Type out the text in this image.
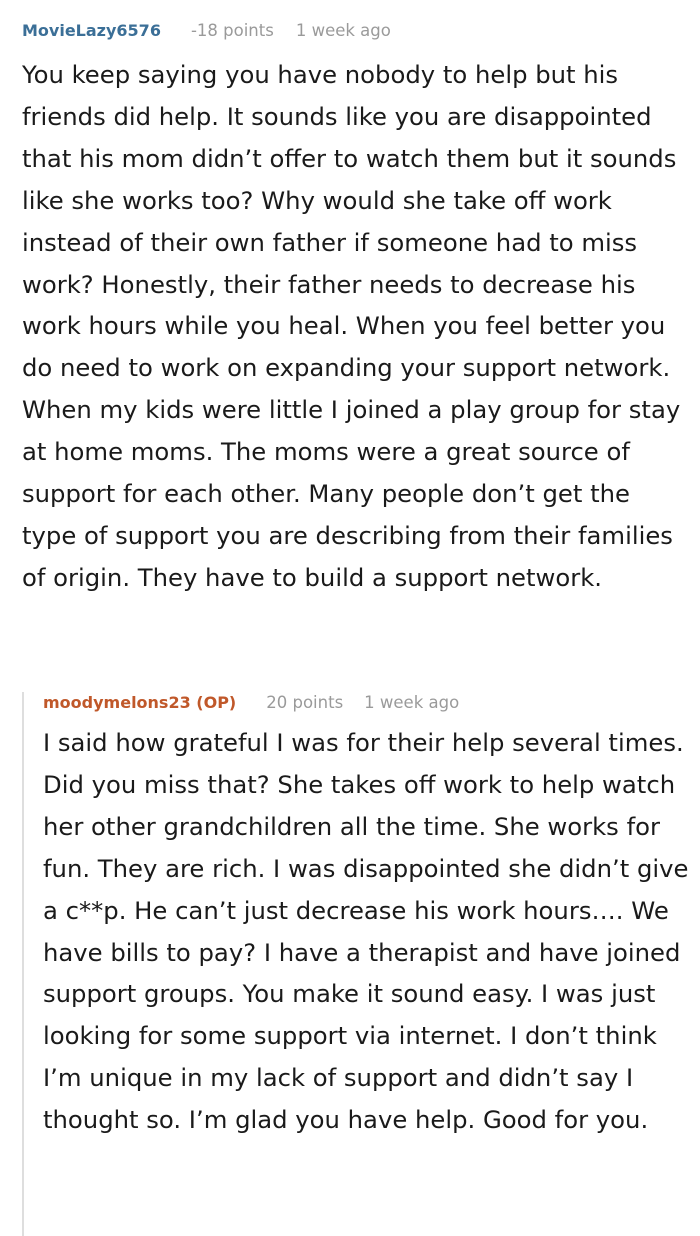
MovieLazy6576 -18 points 1 week ago

You keep saying you have nobody to help but his friends did help. It sounds like you are disappointed that his mom didn’t offer to watch them but it sounds like she works too? Why would she take off work instead of their own father if someone had to miss work? Honestly, their father needs to decrease his work hours while you heal. When you feel better you do need to work on expanding your support network. When my kids were little I joined a play group for stay at home moms. The moms were a great source of support for each other. Many people don’t get the type of support you are describing from their families of origin. They have to build a support network.

moodymelons23 (OP) 20 points 1 week ago

I said how grateful I was for their help several times. Did you miss that? She takes off work to help watch her other grandchildren all the time. She works for fun. They are rich. I was disappointed she didn’t give a c**p. He can’t just decrease his work hours…. We have bills to pay? I have a therapist and have joined support groups. You make it sound easy. I was just looking for some support via internet. I don’t think I’m unique in my lack of support and didn’t say I thought so. I’m glad you have help. Good for you.
